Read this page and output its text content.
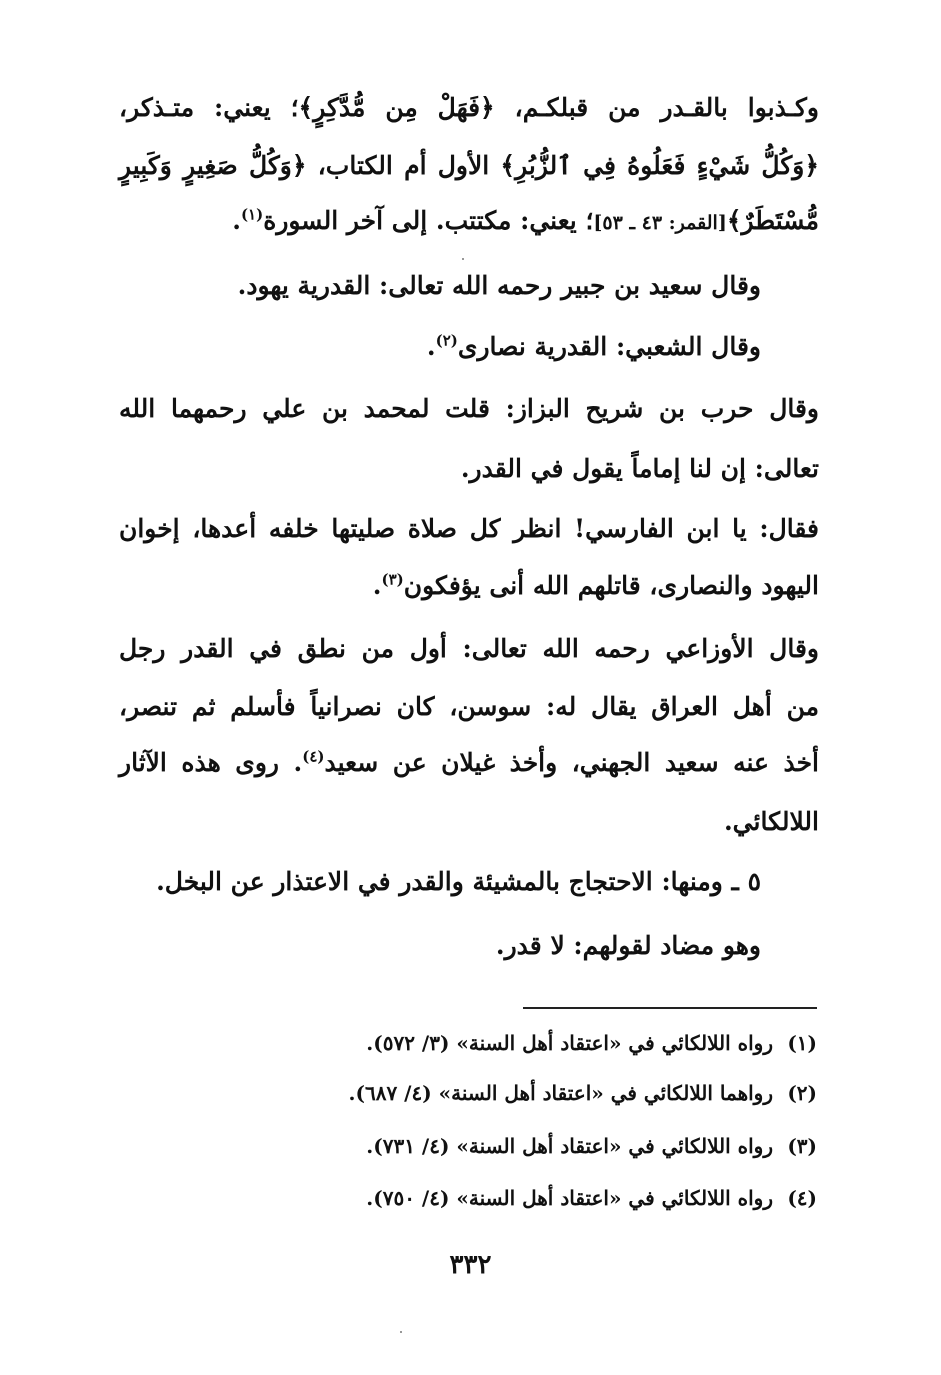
وكـذبوا بالقـدر من قبلكـم، ﴿فَهَلْ مِن مُّدَّكِرٍ﴾؛ يعني: متـذكر،
﴿وَكُلُّ شَيْءٍ فَعَلُوهُ فِي ٱلزُّبُرِ﴾ الأول أم الكتاب، ﴿وَكُلُّ صَغِيرٍ وَكَبِيرٍ
مُّسْتَطَرٌ﴾[القمر: ٤٣ ـ ٥٣]؛ يعني: مكتتب. إلى آخر السورة$^{(١)}$.
وقال سعيد بن جبير رحمه الله تعالى: القدرية يهود.
وقال الشعبي: القدرية نصارى$^{(٢)}$.
وقال حرب بن شريح البزاز: قلت لمحمد بن علي رحمهما الله
تعالى: إن لنا إماماً يقول في القدر.
فقال: يا ابن الفارسي! انظر كل صلاة صليتها خلفه أعدها، إخوان
اليهود والنصارى، قاتلهم الله أنى يؤفكون$^{(٣)}$.
وقال الأوزاعي رحمه الله تعالى: أول من نطق في القدر رجل
من أهل العراق يقال له: سوسن، كان نصرانياً فأسلم ثم تنصر،
أخذ عنه سعيد الجهني، وأخذ غيلان عن سعيد$^{(٤)}$. روى هذه الآثار
اللالكائي.
٥ ـ ومنها: الاحتجاج بالمشيئة والقدر في الاعتذار عن البخل.
وهو مضاد لقولهم: لا قدر.
(١)رواه اللالكائي في «اعتقاد أهل السنة» (٣/ ٥٧٢).
(٢)رواهما اللالكائي في «اعتقاد أهل السنة» (٤/ ٦٨٧).
(٣)رواه اللالكائي في «اعتقاد أهل السنة» (٤/ ٧٣١).
(٤)رواه اللالكائي في «اعتقاد أهل السنة» (٤/ ٧٥٠).
٣٣٢
